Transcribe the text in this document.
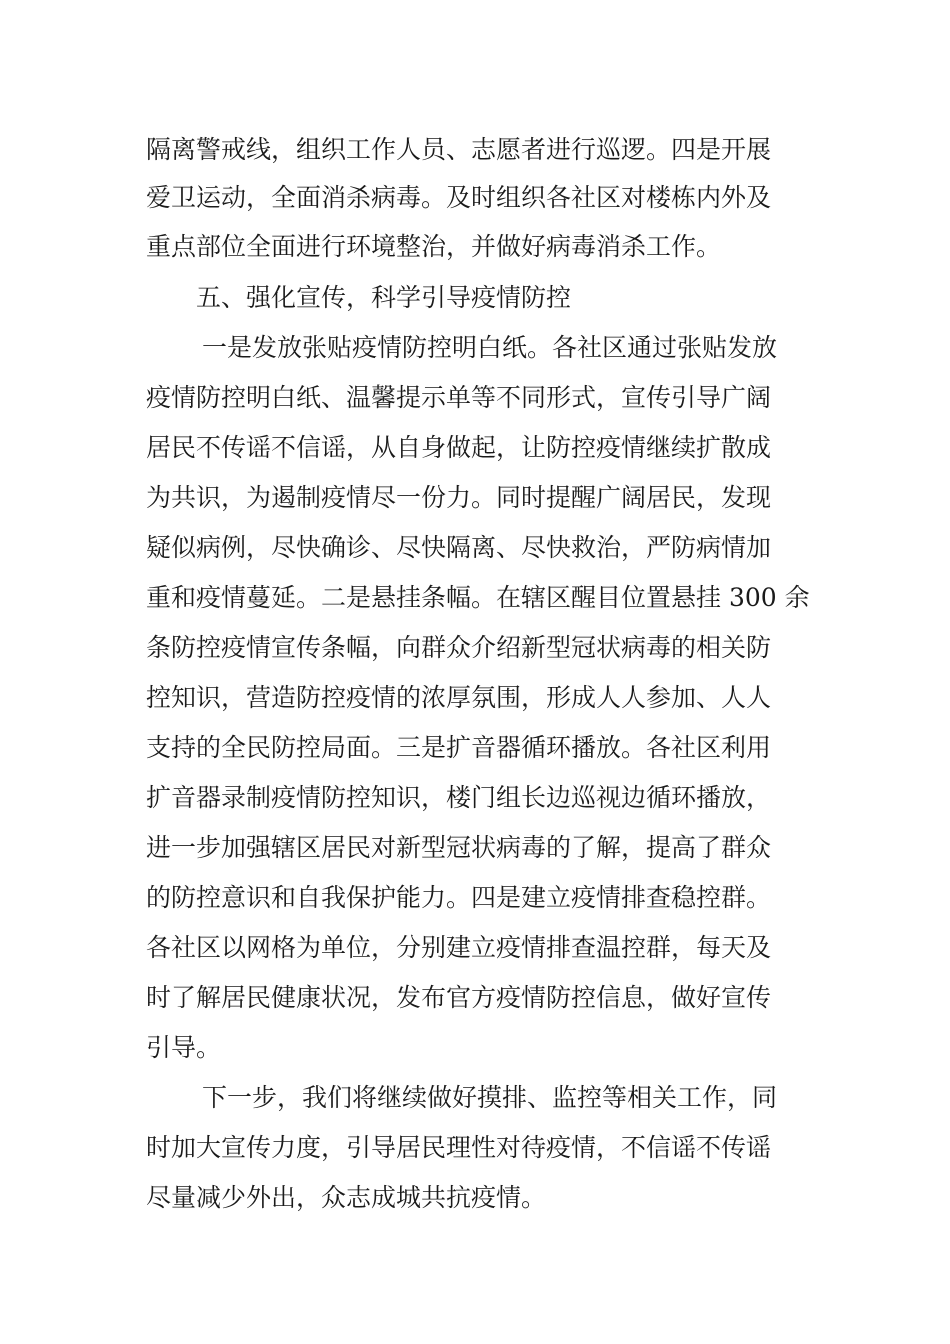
隔离警戒线，组织工作人员、志愿者进行巡逻。四是开展
爱卫运动，全面消杀病毒。及时组织各社区对楼栋内外及
重点部位全面进行环境整治，并做好病毒消杀工作。
五、强化宣传，科学引导疫情防控
一是发放张贴疫情防控明白纸。各社区通过张贴发放
疫情防控明白纸、温馨提示单等不同形式，宣传引导广阔
居民不传谣不信谣，从自身做起，让防控疫情继续扩散成
为共识，为遏制疫情尽一份力。同时提醒广阔居民，发现
疑似病例，尽快确诊、尽快隔离、尽快救治，严防病情加
重和疫情蔓延。二是悬挂条幅。在辖区醒目位置悬挂 300 余
条防控疫情宣传条幅，向群众介绍新型冠状病毒的相关防
控知识，营造防控疫情的浓厚氛围，形成人人参加、人人
支持的全民防控局面。三是扩音器循环播放。各社区利用
扩音器录制疫情防控知识，楼门组长边巡视边循环播放，
进一步加强辖区居民对新型冠状病毒的了解，提高了群众
的防控意识和自我保护能力。四是建立疫情排查稳控群。
各社区以网格为单位，分别建立疫情排查温控群，每天及
时了解居民健康状况，发布官方疫情防控信息，做好宣传
引导。
下一步，我们将继续做好摸排、监控等相关工作，同
时加大宣传力度，引导居民理性对待疫情，不信谣不传谣
尽量减少外出，众志成城共抗疫情。
